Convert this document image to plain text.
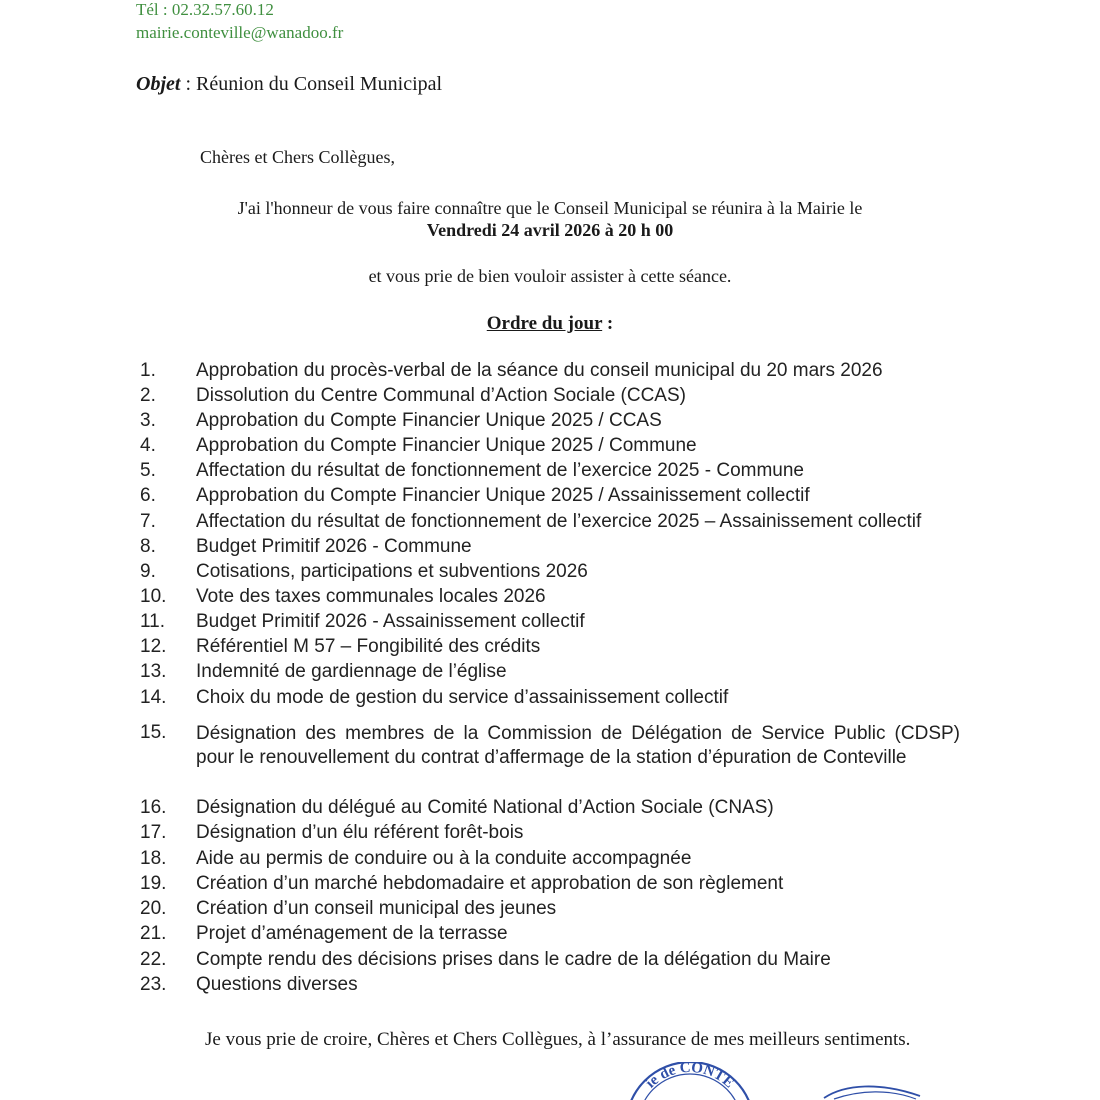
Tél : 02.32.57.60.12
mairie.conteville@wanadoo.fr
Objet : Réunion du Conseil Municipal
Chères et Chers Collègues,
J'ai l'honneur de vous faire connaître que le Conseil Municipal se réunira à la Mairie le
Vendredi 24 avril 2026 à 20 h 00
et vous prie de bien vouloir assister à cette séance.
Ordre du jour :
1. Approbation du procès-verbal de la séance du conseil municipal du 20 mars 2026
2. Dissolution du Centre Communal d’Action Sociale (CCAS)
3. Approbation du Compte Financier Unique 2025 / CCAS
4. Approbation du Compte Financier Unique 2025 / Commune
5. Affectation du résultat de fonctionnement de l’exercice 2025 - Commune
6. Approbation du Compte Financier Unique 2025 / Assainissement collectif
7. Affectation du résultat de fonctionnement de l’exercice 2025 – Assainissement collectif
8. Budget Primitif 2026 - Commune
9. Cotisations, participations et subventions 2026
10. Vote des taxes communales locales 2026
11. Budget Primitif 2026 - Assainissement collectif
12. Référentiel M 57 – Fongibilité des crédits
13. Indemnité de gardiennage de l’église
14. Choix du mode de gestion du service d’assainissement collectif
15. Désignation des membres de la Commission de Délégation de Service Public (CDSP) pour le renouvellement du contrat d’affermage de la station d’épuration de Conteville
16. Désignation du délégué au Comité National d’Action Sociale (CNAS)
17. Désignation d’un élu référent forêt-bois
18. Aide au permis de conduire ou à la conduite accompagnée
19. Création d’un marché hebdomadaire et approbation de son règlement
20. Création d’un conseil municipal des jeunes
21. Projet d’aménagement de la terrasse
22. Compte rendu des décisions prises dans le cadre de la délégation du Maire
23. Questions diverses
Je vous prie de croire, Chères et Chers Collègues, à l’assurance de mes meilleurs sentiments.
ie de CONTE
